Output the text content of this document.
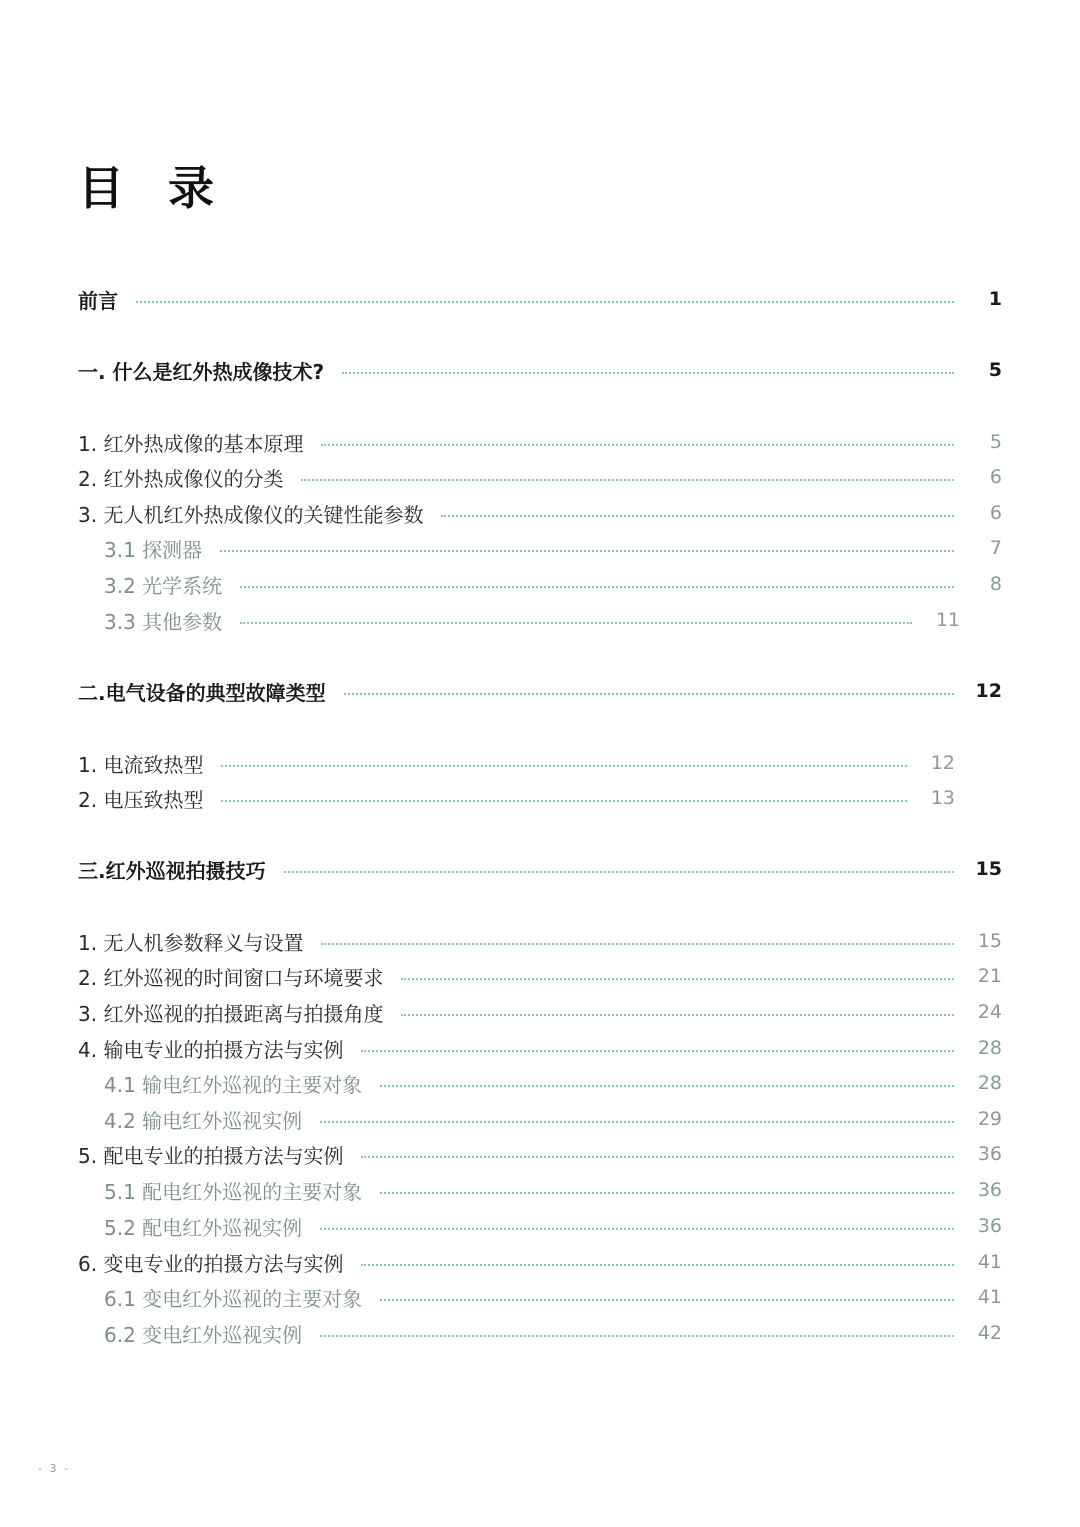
目 录
前言	1
一. 什么是红外热成像技术?	5
1. 红外热成像的基本原理	5
2. 红外热成像仪的分类	6
3. 无人机红外热成像仪的关键性能参数	6
3.1 探测器	7
3.2 光学系统	8
3.3 其他参数	11
二.电气设备的典型故障类型	12
1. 电流致热型	12
2. 电压致热型	13
三.红外巡视拍摄技巧	15
1. 无人机参数释义与设置	15
2. 红外巡视的时间窗口与环境要求	21
3. 红外巡视的拍摄距离与拍摄角度	24
4. 输电专业的拍摄方法与实例	28
4.1 输电红外巡视的主要对象	28
4.2 输电红外巡视实例	29
5. 配电专业的拍摄方法与实例	36
5.1 配电红外巡视的主要对象	36
5.2 配电红外巡视实例	36
6. 变电专业的拍摄方法与实例	41
6.1 变电红外巡视的主要对象	41
6.2 变电红外巡视实例	42
- 3 -
